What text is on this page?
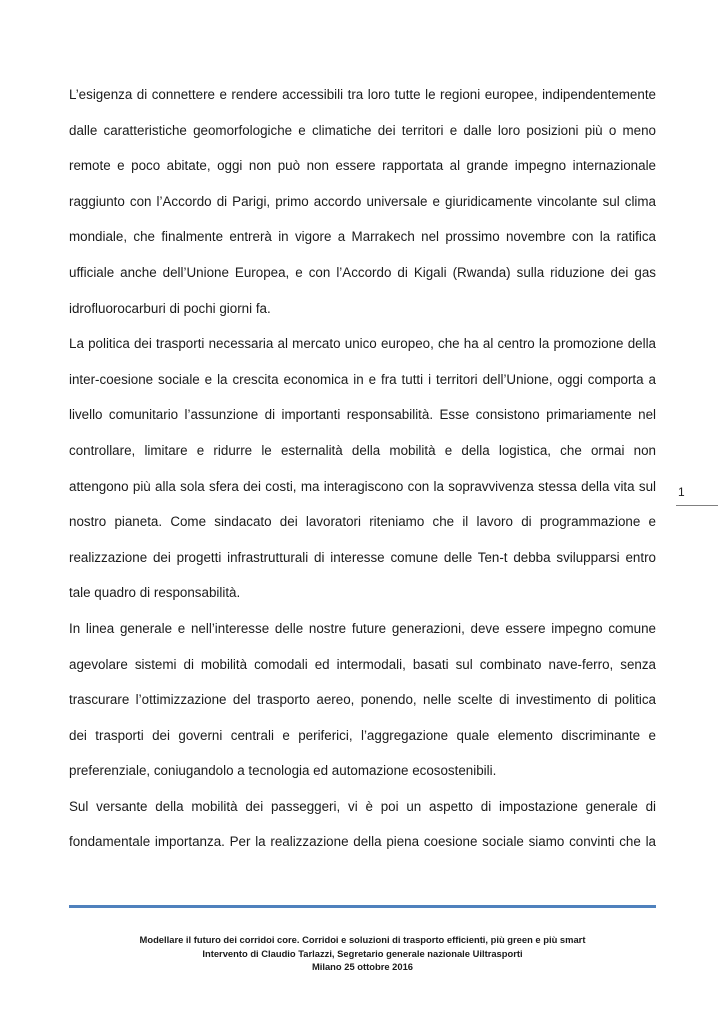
L’esigenza di connettere e rendere accessibili tra loro tutte le regioni europee, indipendentemente
dalle caratteristiche geomorfologiche e climatiche dei territori e dalle loro posizioni più o meno
remote e poco abitate, oggi non può non essere rapportata al grande impegno internazionale
raggiunto con l’Accordo di Parigi, primo accordo universale e giuridicamente vincolante sul clima
mondiale, che finalmente entrerà in vigore a Marrakech nel prossimo novembre con la ratifica
ufficiale anche dell’Unione Europea, e con l’Accordo di Kigali (Rwanda) sulla riduzione dei gas
idrofluorocarburi di pochi giorni fa.

La politica dei trasporti necessaria al mercato unico europeo, che ha al centro la promozione della
inter-coesione sociale e la crescita economica in e fra tutti i territori dell’Unione, oggi comporta a
livello comunitario l’assunzione di importanti responsabilità. Esse consistono primariamente nel
controllare, limitare e ridurre le esternalità della mobilità e della logistica, che ormai non
attengono più alla sola sfera dei costi, ma interagiscono con la sopravvivenza stessa della vita sul
nostro pianeta. Come sindacato dei lavoratori riteniamo che il lavoro di programmazione e
realizzazione dei progetti infrastrutturali di interesse comune delle Ten-t debba svilupparsi entro
tale quadro di responsabilità.

In linea generale e nell’interesse delle nostre future generazioni, deve essere impegno comune
agevolare sistemi di mobilità comodali ed intermodali, basati sul combinato nave-ferro, senza
trascurare l’ottimizzazione del trasporto aereo, ponendo, nelle scelte di investimento di politica
dei trasporti dei governi centrali e periferici, l’aggregazione quale elemento discriminante e
preferenziale, coniugandolo a tecnologia ed automazione ecosostenibili.

Sul versante della mobilità dei passeggeri, vi è poi un aspetto di impostazione generale di
fondamentale importanza. Per la realizzazione della piena coesione sociale siamo convinti che la

1
Modellare il futuro dei corridoi core. Corridoi e soluzioni di trasporto efficienti, più green e più smart
Intervento di Claudio Tarlazzi, Segretario generale nazionale Uiltrasporti
Milano 25 ottobre 2016
